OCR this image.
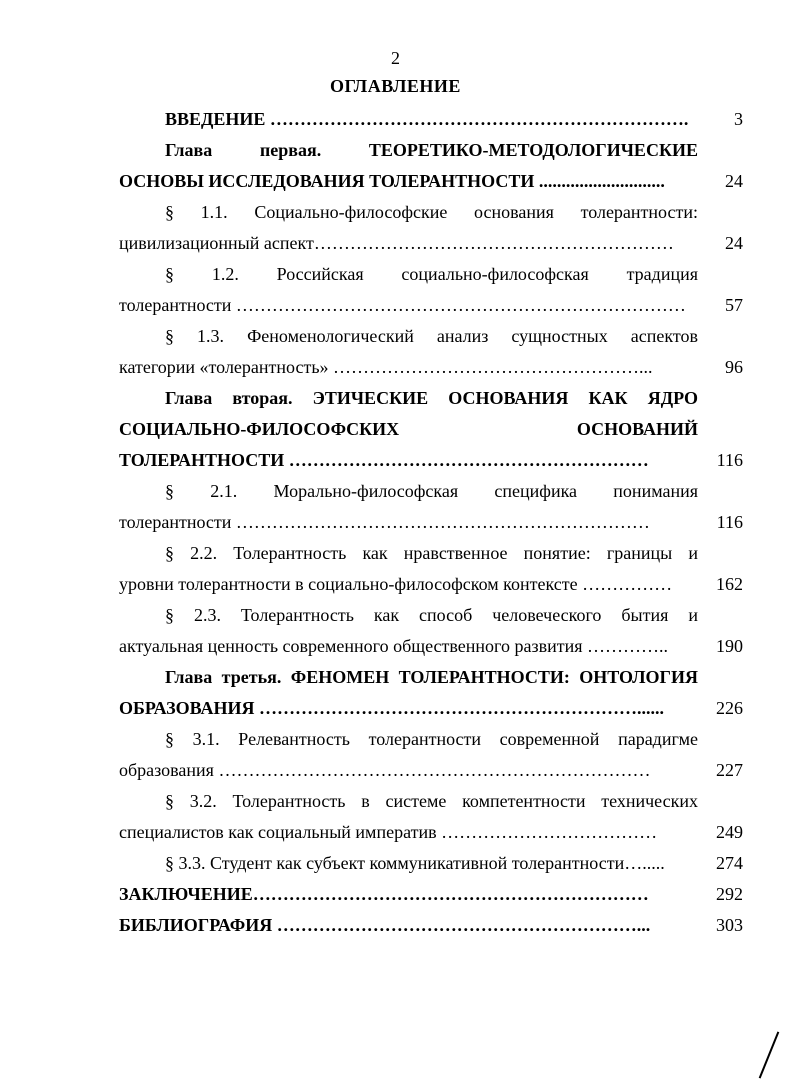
2
ОГЛАВЛЕНИЕ
ВВЕДЕНИЕ …………………………………………………………….	3
Глава первая. ТЕОРЕТИКО-МЕТОДОЛОГИЧЕСКИЕ
ОСНОВЫ ИССЛЕДОВАНИЯ ТОЛЕРАНТНОСТИ ............................	24
§ 1.1. Социально-философские основания толерантности:
цивилизационный аспект……………………………………………………	24
§ 1.2. Российская социально-философская традиция
толерантности …………………………………………………………………	57
§ 1.3. Феноменологический анализ сущностных аспектов
категории «толерантность» ……………………………………………...	96
Глава вторая. ЭТИЧЕСКИЕ ОСНОВАНИЯ КАК ЯДРО
СОЦИАЛЬНО-ФИЛОСОФСКИХ ОСНОВАНИЙ
ТОЛЕРАНТНОСТИ ……………………………………………………	116
§ 2.1. Морально-философская специфика понимания
толерантности ……………………………………………………………	116
§ 2.2. Толерантность как нравственное понятие: границы и
уровни толерантности в социально-философском контексте ……………	162
§ 2.3. Толерантность как способ человеческого бытия и
актуальная ценность современного общественного развития …………..	190
Глава третья. ФЕНОМЕН ТОЛЕРАНТНОСТИ: ОНТОЛОГИЯ
ОБРАЗОВАНИЯ ………………………………………………………......	226
§ 3.1. Релевантность толерантности современной парадигме
образования ………………………………………………………………	227
§ 3.2. Толерантность в системе компетентности технических
специалистов как социальный императив ………………………………	249
§ 3.3. Студент как субъект коммуникативной толерантности….....	274
ЗАКЛЮЧЕНИЕ…………………………………………………………	292
БИБЛИОГРАФИЯ ……………………………………………………...	303
